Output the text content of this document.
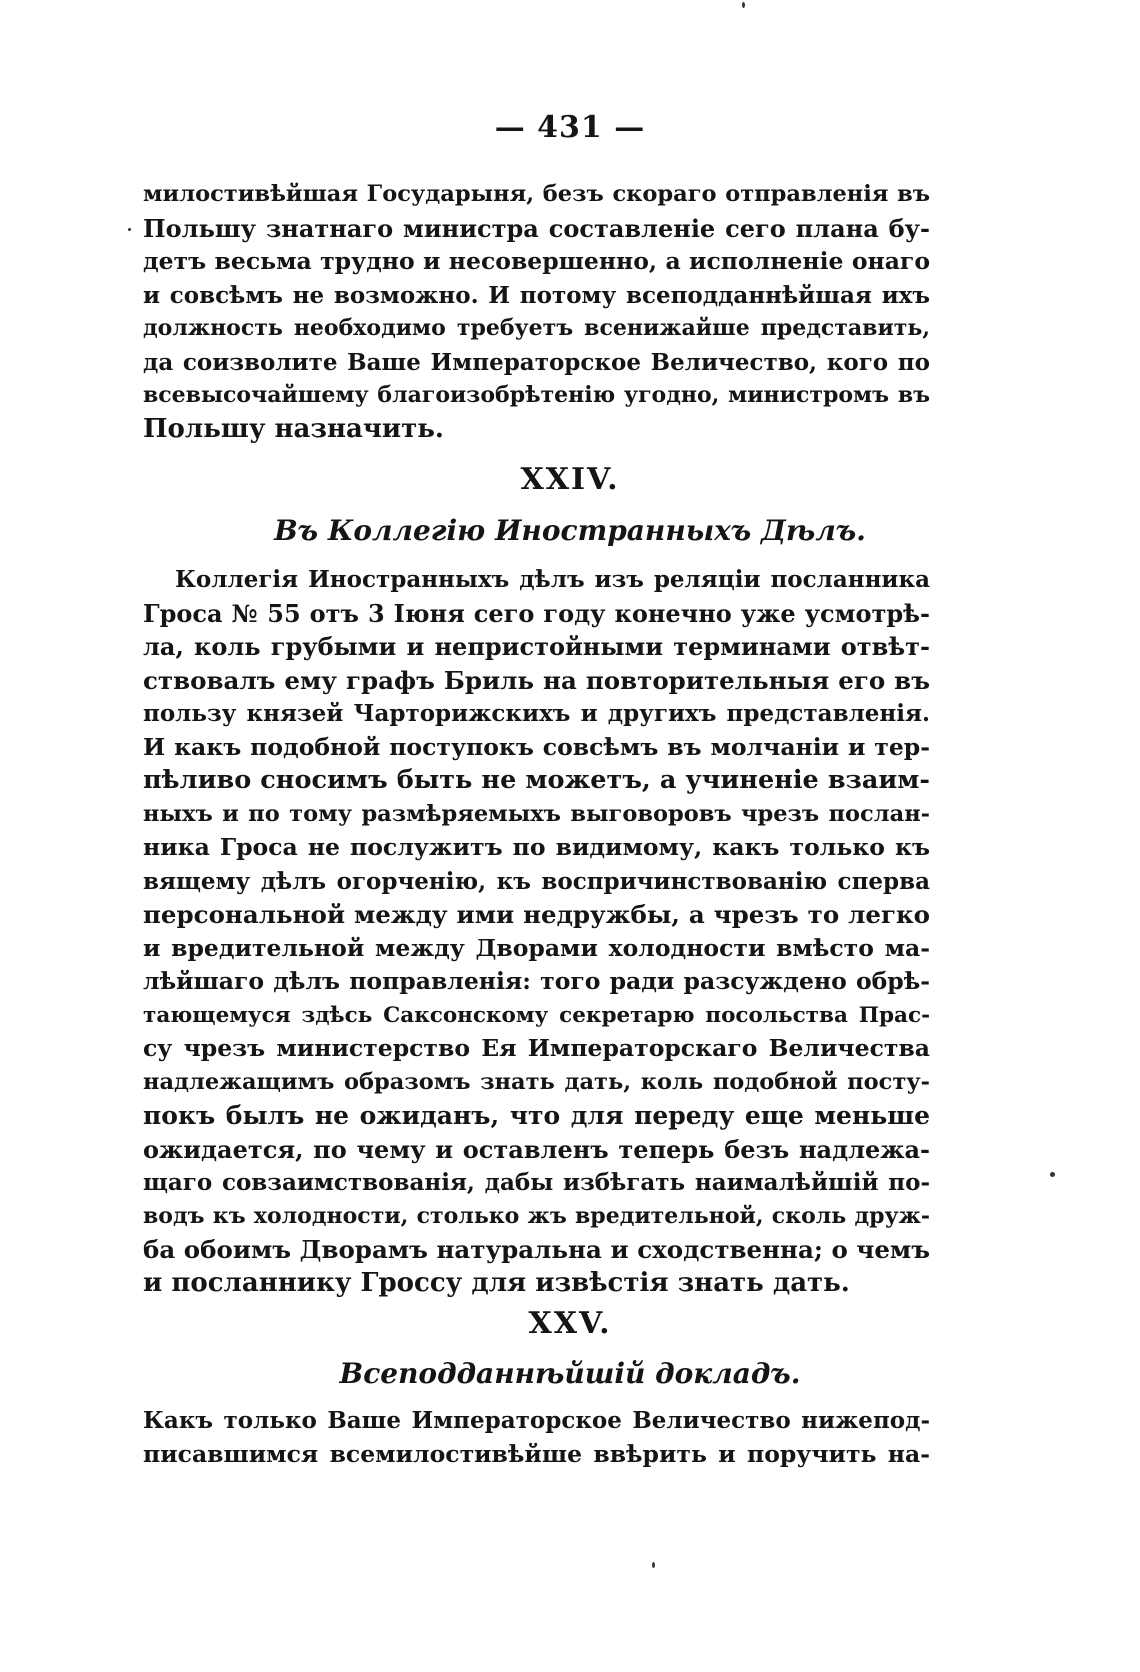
— 431 —
милостивѣйшая Государыня, безъ скораго отправленія въ
Польшу знатнаго министра составленіе сего плана бу-
детъ весьма трудно и несовершенно, а исполненіе онаго
и совсѣмъ не возможно. И потому всеподданнѣйшая ихъ
должность необходимо требуетъ всенижайше представить,
да соизволите Ваше Императорское Величество, кого по
всевысочайшему благоизобрѣтенію угодно, министромъ въ
Польшу назначить.
XXIV.
Въ Коллегію Иностранныхъ Дѣлъ.
Коллегія Иностранныхъ дѣлъ изъ реляціи посланника
Гроса № 55 отъ 3 Іюня сего году конечно уже усмотрѣ-
ла, коль грубыми и непристойными терминами отвѣт-
ствовалъ ему графъ Бриль на повторительныя его въ
пользу князей Чарторижскихъ и другихъ представленія.
И какъ подобной поступокъ совсѣмъ въ молчаніи и тер-
пѣливо сносимъ быть не можетъ, а учиненіе взаим-
ныхъ и по тому размѣряемыхъ выговоровъ чрезъ послан-
ника Гроса не послужитъ по видимому, какъ только къ
вящему дѣлъ огорченію, къ воспричинствованію сперва
персональной между ими недружбы, а чрезъ то легко
и вредительной между Дворами холодности вмѣсто ма-
лѣйшаго дѣлъ поправленія: того ради разсуждено обрѣ-
тающемуся здѣсь Саксонскому секретарю посольства Прас-
су чрезъ министерство Ея Императорскаго Величества
надлежащимъ образомъ знать дать, коль подобной посту-
покъ былъ не ожиданъ, что для переду еще меньше
ожидается, по чему и оставленъ теперь безъ надлежа-
щаго совзаимствованія, дабы избѣгать наималѣйшій по-
водъ къ холодности, столько жъ вредительной, сколь друж-
ба обоимъ Дворамъ натуральна и сходственна; о чемъ
и посланнику Гроссу для извѣстія знать дать.
XXV.
Всеподданнѣйшій докладъ.
Какъ только Ваше Императорское Величество нижепод-
писавшимся всемилостивѣйше ввѣрить и поручить на-
